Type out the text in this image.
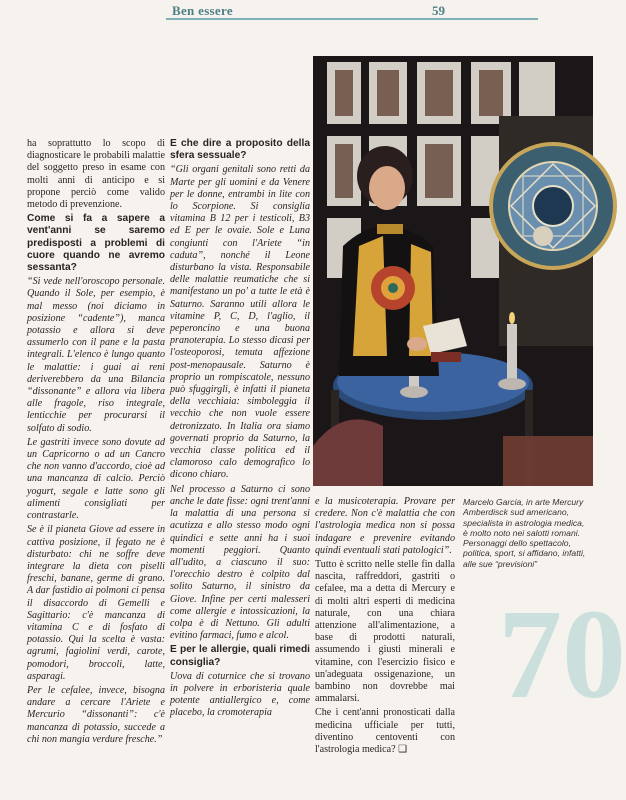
Ben essere	59

ha soprattutto lo scopo di diagnosticare le probabili malattie del soggetto preso in esame con molti anni di anticipo e si propone perciò come valido metodo di prevenzione.

Come si fa a sapere a vent'anni se saremo predisposti a problemi di cuore quando ne avremo sessanta?

“Si vede nell'oroscopo personale. Quando il Sole, per esempio, è mal messo (noi diciamo in posizione “cadente”), manca potassio e allora si deve assumerlo con il pane e la pasta integrali. L'elenco è lungo quanto le malattie: i guai ai reni deriverebbero da una Bilancia “dissonante” e allora via libera alle fragole, riso integrale, lenticchie per procurarsi il solfato di sodio.

Le gastriti invece sono dovute ad un Capricorno o ad un Cancro che non vanno d'accordo, cioè ad una mancanza di calcio. Perciò yogurt, segale e latte sono gli alimenti consigliati per contrastarle.

Se è il pianeta Giove ad essere in cattiva posizione, il fegato ne è disturbato: chi ne soffre deve integrare la dieta con piselli freschi, banane, germe di grano. A dar fastidio ai polmoni ci pensa il disaccordo di Gemelli e Sagittario: c'è mancanza di vitamina C e di fosfato di potassio. Qui la scelta è vasta: agrumi, fagiolini verdi, carote, pomodori, broccoli, latte, asparagi.

Per le cefalee, invece, bisogna andare a cercare l'Ariete e Mercurio “dissonanti”: c'è mancanza di potassio, succede a chi non mangia verdure fresche.”

E che dire a proposito della sfera sessuale?

“Gli organi genitali sono retti da Marte per gli uomini e da Venere per le donne, entrambi in lite con lo Scorpione. Si consiglia vitamina B 12 per i testicoli, B3 ed E per le ovaie. Sole e Luna congiunti con l'Ariete “in caduta”, nonché il Leone disturbano la vista. Responsabile delle malattie reumatiche che si manifestano un po' a tutte le età è Saturno. Saranno utili allora le vitamine P, C, D, l'aglio, il peperoncino e una buona pranoterapia. Lo stesso dicasi per l'osteoporosi, temuta affezione post-menopausale. Saturno è proprio un rompiscatole, nessuno può sfuggirgli, è infatti il pianeta della vecchiaia: simboleggia il vecchio che non vuole essere detronizzato. In Italia ora siamo governati proprio da Saturno, la vecchia classe politica ed il clamoroso calo demografico lo dicono chiaro.

Nel processo a Saturno ci sono anche le date fisse: ogni trent'anni la malattia di una persona si acutizza e allo stesso modo ogni quindici e sette anni ha i suoi momenti peggiori. Quanto all'udito, a ciascuno il suo: l'orecchio destro è colpito dal solito Saturno, il sinistro da Giove. Infine per certi malesseri come allergie e intossicazioni, la colpa è di Nettuno. Gli adulti evitino farmaci, fumo e alcol.

E per le allergie, quali rimedi consiglia?

Uova di coturnice che si trovano in polvere in erboristeria quale potente antiallergico e, come placebo, la cromoterapia

e la musicoterapia. Provare per credere. Non c'è malattia che con l'astrologia medica non si possa indagare e prevenire evitando quindi eventuali stati patologici”.

Tutto è scritto nelle stelle fin dalla nascita, raffreddori, gastriti o cefalee, ma a detta di Mercury e di molti altri esperti di medicina naturale, con una chiara attenzione all'alimentazione, a base di prodotti naturali, assumendo i giusti minerali e vitamine, con l'esercizio fisico e un'adeguata ossigenazione, un bambino non dovrebbe mai ammalarsi.

Che i cent'anni pronosticati dalla medicina ufficiale per tutti, diventino centoventi con l'astrologia medica? ❑

Marcelo Garcia, in arte Mercury Amberdisck sud americano, specialista in astrologia medica, è molto noto nei salotti romani. Personaggi dello spettacolo, politica, sport, si affidano, infatti, alle sue “previsioni”

70
